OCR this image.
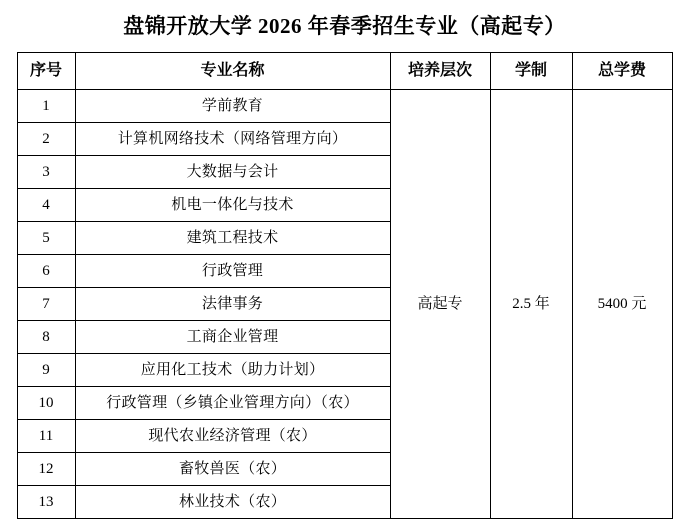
盘锦开放大学 2026 年春季招生专业（高起专）
序号	专业名称	培养层次	学制	总学费
1	学前教育	高起专	2.5 年	5400 元
2	计算机网络技术（网络管理方向）			
3	大数据与会计			
4	机电一体化与技术			
5	建筑工程技术			
6	行政管理			
7	法律事务			
8	工商企业管理			
9	应用化工技术（助力计划）			
10	行政管理（乡镇企业管理方向）（农）			
11	现代农业经济管理（农）			
12	畜牧兽医（农）			
13	林业技术（农）			
